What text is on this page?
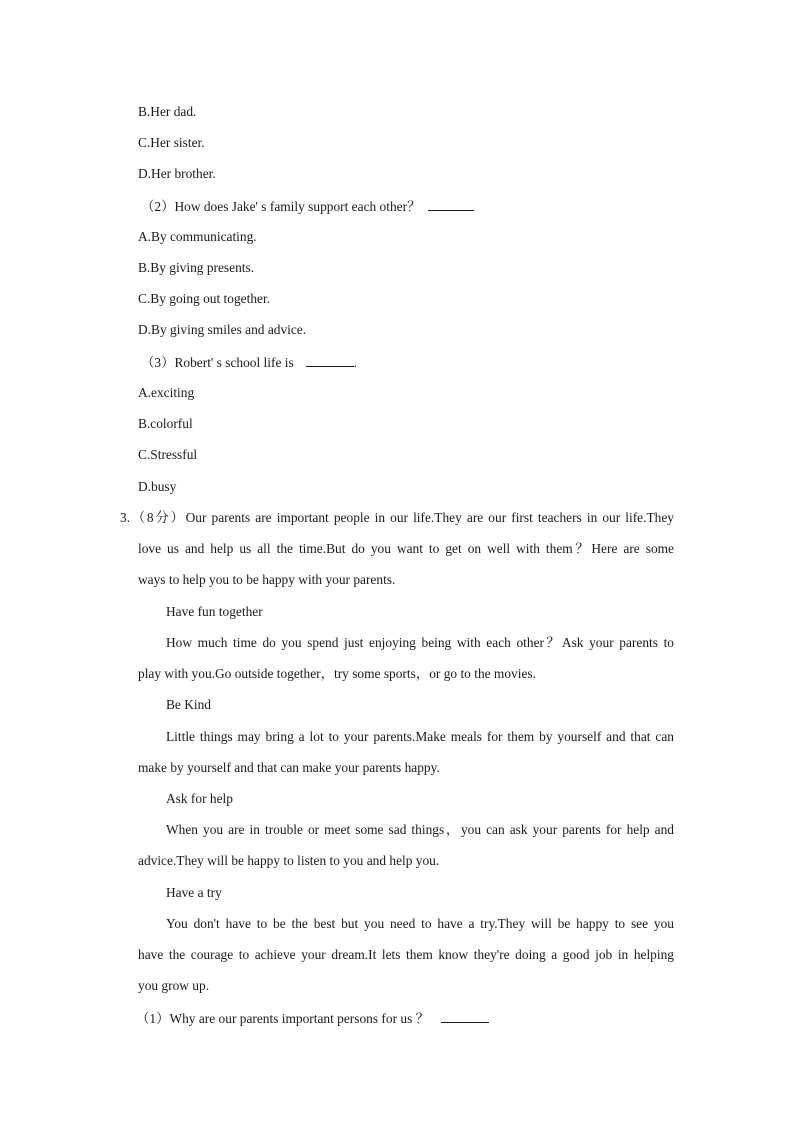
B.Her dad.
C.Her sister.
D.Her brother.
（2）How does Jake' s family support each other？
A.By communicating.
B.By giving presents.
C.By going out together.
D.By giving smiles and advice.
（3）Robert' s school life is	.
A.exciting
B.colorful
C.Stressful
D.busy
3.（8分）Our parents are important people in our life.They are our first teachers in our life.They
love us and help us all the time.But do you want to get on well with them？Here are some
ways to help you to be happy with your parents.
Have fun together
How much time do you spend just enjoying being with each other？Ask your parents to
play with you.Go outside together，try some sports，or go to the movies.
Be Kind
Little things may bring a lot to your parents.Make meals for them by yourself and that can
make by yourself and that can make your parents happy.
Ask for help
When you are in trouble or meet some sad things，you can ask your parents for help and
advice.They will be happy to listen to you and help you.
Have a try
You don't have to be the best but you need to have a try.They will be happy to see you
have the courage to achieve your dream.It lets them know they're doing a good job in helping
you grow up.
（1）Why are our parents important persons for us ？
